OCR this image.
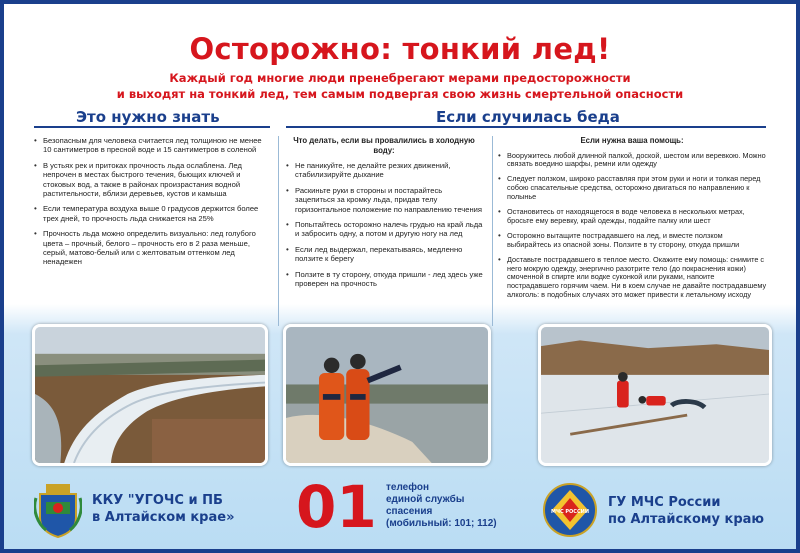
Осторожно: тонкий лед!
Каждый год многие люди пренебрегают мерами предосторожности
и выходят на тонкий лед, тем самым подвергая свою жизнь смертельной опасности
Это нужно знать	Если случилась беда
• Безопасным для человека считается лед толщиною не менее 10 сантиметров в пресной воде и 15 сантиметров в соленой
• В устьях рек и притоках прочность льда ослаблена. Лед непрочен в местах быстрого течения, бьющих ключей и стоковых вод, а также в районах произрастания водной растительности, вблизи деревьев, кустов и камыша
• Если температура воздуха выше 0 градусов держится более трех дней, то прочность льда снижается на 25%
• Прочность льда можно определить визуально: лед голубого цвета – прочный, белого – прочность его в 2 раза меньше, серый, матово-белый или с желтоватым оттенком лед ненадежен
Что делать, если вы провалились в холодную воду:
• Не паникуйте, не делайте резких движений, стабилизируйте дыхание
• Раскиньте руки в стороны и постарайтесь зацепиться за кромку льда, придав телу горизонтальное положение по направлению течения
• Попытайтесь осторожно налечь грудью на край льда и забросить одну, а потом и другую ногу на лед
• Если лед выдержал, перекатываясь, медленно ползите к берегу
• Ползите в ту сторону, откуда пришли - лед здесь уже проверен на прочность
Если нужна ваша помощь:
• Вооружитесь любой длинной палкой, доской, шестом или веревкою. Можно связать воедино шарфы, ремни или одежду
• Следует ползком, широко расставляя при этом руки и ноги и толкая перед собою спасательные средства, осторожно двигаться по направлению к полынье
• Остановитесь от находящегося в воде человека в нескольких метрах, бросьте ему веревку, край одежды, подайте палку или шест
• Осторожно вытащите пострадавшего на лед, и вместе ползком выбирайтесь из опасной зоны. Ползите в ту сторону, откуда пришли
• Доставьте пострадавшего в теплое место. Окажите ему помощь: снимите с него мокрую одежду, энергично разотрите тело (до покраснения кожи) смоченной в спирте или водке суконкой или руками, напоите пострадавшего горячим чаем. Ни в коем случае не давайте пострадавшему алкоголь: в подобных случаях это может привести к летальному исходу
ККУ "УГОЧС и ПБ
в Алтайском крае» 01 телефон
единой службы
спасения
(мобильный: 101; 112)
МЧС РОССИИ
ГУ МЧС России
по Алтайскому краю
